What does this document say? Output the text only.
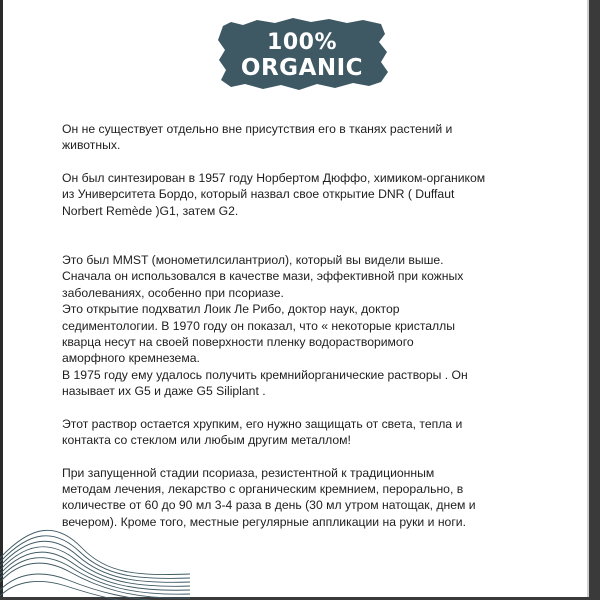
100%
ORGANIC

Он не существует отдельно вне присутствия его в тканях растений и
животных.

Он был синтезирован в 1957 году Норбертом Дюффо, химиком-органиком
из Университета Бордо, который назвал свое открытие DNR ( Duffaut
Norbert Remède )G1, затем G2.

Это был MMST (монометилсилантриол), который вы видели выше.
Сначала он использовался в качестве мази, эффективной при кожных
заболеваниях, особенно при псориазе.
Это открытие подхватил Лоик Ле Рибо, доктор наук, доктор
седиментологии. В 1970 году он показал, что « некоторые кристаллы
кварца несут на своей поверхности пленку водорастворимого
аморфного кремнезема.
В 1975 году ему удалось получить кремнийорганические растворы . Он
называет их G5 и даже G5 Siliplant .

Этот раствор остается хрупким, его нужно защищать от света, тепла и
контакта со стеклом или любым другим металлом!

При запущенной стадии псориаза, резистентной к традиционным
методам лечения, лекарство с органическим кремнием, перорально, в
количестве от 60 до 90 мл 3-4 раза в день (30 мл утром натощак, днем и
вечером). Кроме того, местные регулярные аппликации на руки и ноги.
